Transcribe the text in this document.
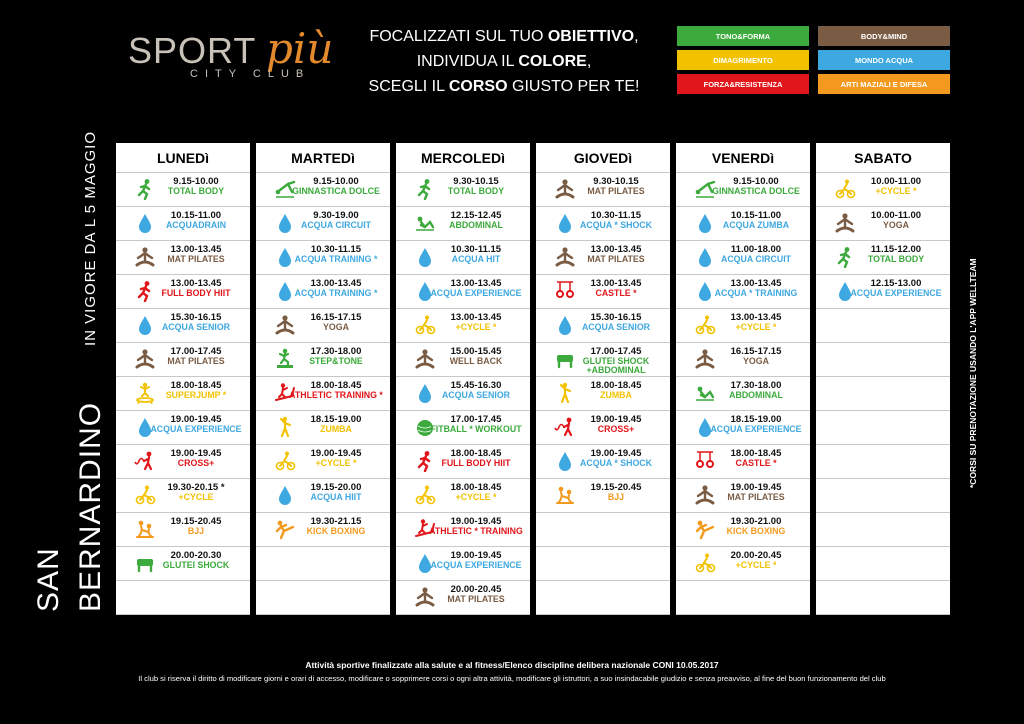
SPORT più
CITY CLUB
FOCALIZZATI SUL TUO OBIETTIVO,
INDIVIDUA IL COLORE,
SCEGLI IL CORSO GIUSTO PER TE!
TONO&FORMA	BODY&MIND
DIMAGRIMENTO	MONDO ACQUA
FORZA&RESISTENZA	ARTI MAZIALI E DIFESA
IN VIGORE DA L 5 MAGGIO
SAN BERNARDINO
*CORSI SU PRENOTAZIONE USANDO L'APP WELLTEAM
LUNEDì
9.15-10.00
TOTAL BODY
10.15-11.00
ACQUADRAIN
13.00-13.45
MAT PILATES
13.00-13.45
FULL BODY HIIT
15.30-16.15
ACQUA SENIOR
17.00-17.45
MAT PILATES
18.00-18.45
SUPERJUMP *
19.00-19.45
ACQUA EXPERIENCE
19.00-19.45
CROSS+
19.30-20.15 *
+CYCLE
19.15-20.45
BJJ
20.00-20.30
GLUTEI SHOCK
MARTEDì
9.15-10.00
GINNASTICA DOLCE
9.30-19.00
ACQUA CIRCUIT
10.30-11.15
ACQUA TRAINING *
13.00-13.45
ACQUA TRAINING *
16.15-17.15
YOGA
17.30-18.00
STEP&TONE
18.00-18.45
ATHLETIC TRAINING *
18.15-19.00
ZUMBA
19.00-19.45
+CYCLE *
19.15-20.00
ACQUA HIIT
19.30-21.15
KICK BOXING
MERCOLEDì
9.30-10.15
TOTAL BODY
12.15-12.45
ABDOMINAL
10.30-11.15
ACQUA HIT
13.00-13.45
ACQUA EXPERIENCE
13.00-13.45
+CYCLE *
15.00-15.45
WELL BACK
15.45-16.30
ACQUA SENIOR
17.00-17.45
FITBALL * WORKOUT
18.00-18.45
FULL BODY HIIT
18.00-18.45
+CYCLE *
19.00-19.45
ATHLETIC * TRAINING
19.00-19.45
ACQUA EXPERIENCE
20.00-20.45
MAT PILATES
GIOVEDì
9.30-10.15
MAT PILATES
10.30-11.15
ACQUA * SHOCK
13.00-13.45
MAT PILATES
13.00-13.45
CASTLE *
15.30-16.15
ACQUA SENIOR
17.00-17.45
GLUTEI SHOCK +ABDOMINAL
18.00-18.45
ZUMBA
19.00-19.45
CROSS+
19.00-19.45
ACQUA * SHOCK
19.15-20.45
BJJ
VENERDì
9.15-10.00
GINNASTICA DOLCE
10.15-11.00
ACQUA ZUMBA
11.00-18.00
ACQUA CIRCUIT
13.00-13.45
ACQUA * TRAINING
13.00-13.45
+CYCLE *
16.15-17.15
YOGA
17.30-18.00
ABDOMINAL
18.15-19.00
ACQUA EXPERIENCE
18.00-18.45
CASTLE *
19.00-19.45
MAT PILATES
19.30-21.00
KICK BOXING
20.00-20.45
+CYCLE *
SABATO
10.00-11.00
+CYCLE *
10.00-11.00
YOGA
11.15-12.00
TOTAL BODY
12.15-13.00
ACQUA EXPERIENCE
Attività sportive finalizzate alla salute e al fitness/Elenco discipline delibera nazionale CONI 10.05.2017
Il club si riserva il diritto di modificare giorni e orari di accesso, modificare o sopprimere corsi o ogni altra attività, modificare gli istruttori, a suo insindacabile giudizio e senza preavviso, al fine del buon funzionamento del club
